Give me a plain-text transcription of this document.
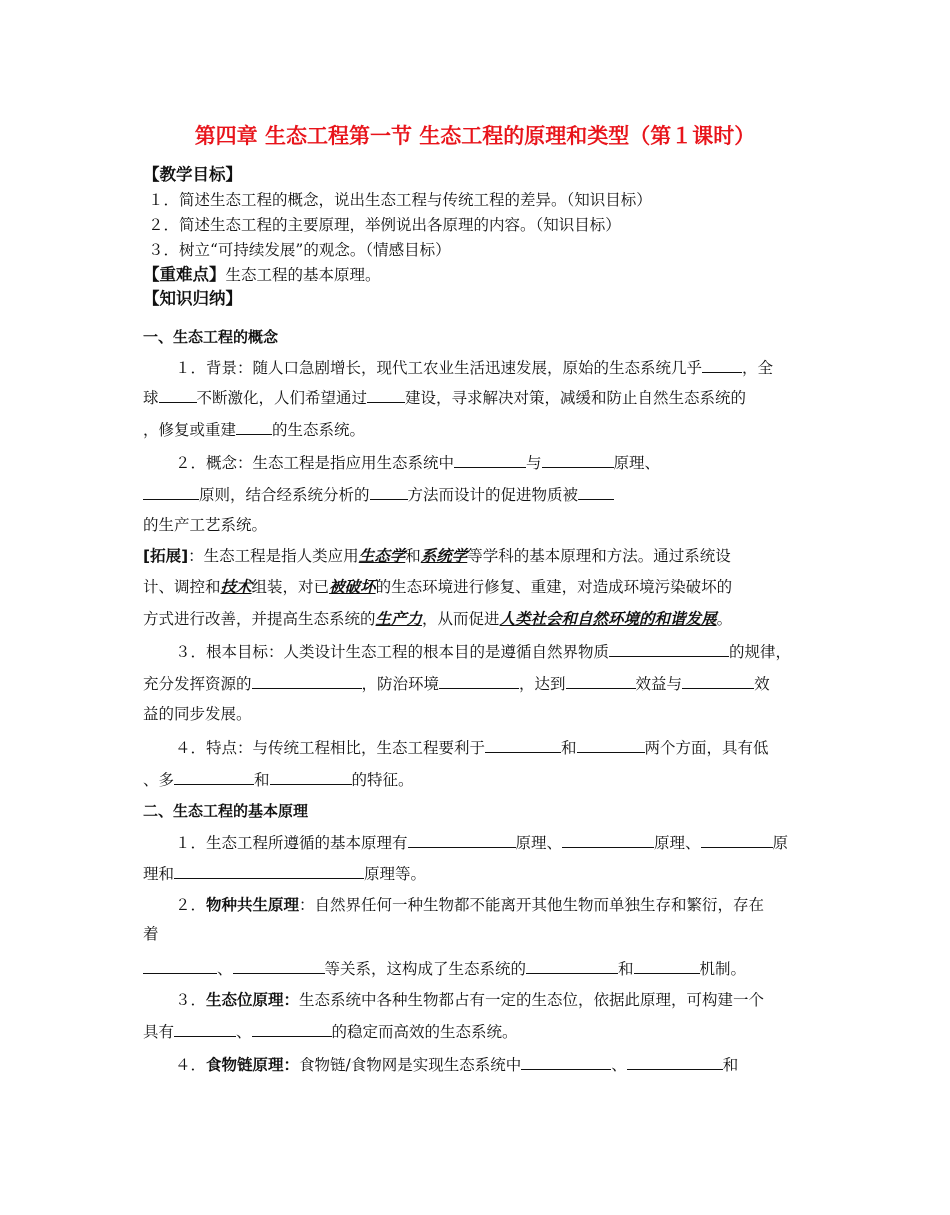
第四章 生态工程第一节 生态工程的原理和类型（第１课时）
【教学目标】
１．简述生态工程的概念，说出生态工程与传统工程的差异。（知识目标）
２．简述生态工程的主要原理，举例说出各原理的内容。（知识目标）
３．树立“可持续发展”的观念。（情感目标）
【重难点】生态工程的基本原理。
【知识归纳】
一、生态工程的概念
１．背景：随人口急剧增长，现代工农业生活迅速发展，原始的生态系统几乎	，全
球 不断激化，人们希望通过 建设，寻求解决对策，减缓和防止自然生态系统的
，修复或重建 的生态系统。
２．概念：生态工程是指应用生态系统中	与	原理、
原则，结合经系统分析的 方法而设计的促进物质被
的生产工艺系统。
[拓展]：生态工程是指人类应用生态学和系统学等学科的基本原理和方法。通过系统设
计、调控和技术组装，对已被破坏的生态环境进行修复、重建，对造成环境污染破坏的
方式进行改善，并提高生态系统的生产力，从而促进人类社会和自然环境的和谐发展。
３．根本目标：人类设计生态工程的根本目的是遵循自然界物质	的规律，
充分发挥资源的	，防治环境	，达到	效益与	效
益的同步发展。
４．特点：与传统工程相比，生态工程要利于	和	两个方面，具有低
、多	和	的特征。
二、生态工程的基本原理
１．生态工程所遵循的基本原理有	原理、	原理、	原
理和	原理等。
２．物种共生原理：自然界任何一种生物都不能离开其他生物而单独生存和繁衍，存在
着
、	等关系，这构成了生态系统的	和	机制。
３．生态位原理：生态系统中各种生物都占有一定的生态位，依据此原理，可构建一个
具有	、	的稳定而高效的生态系统。
４．食物链原理：食物链/食物网是实现生态系统中	、	和
